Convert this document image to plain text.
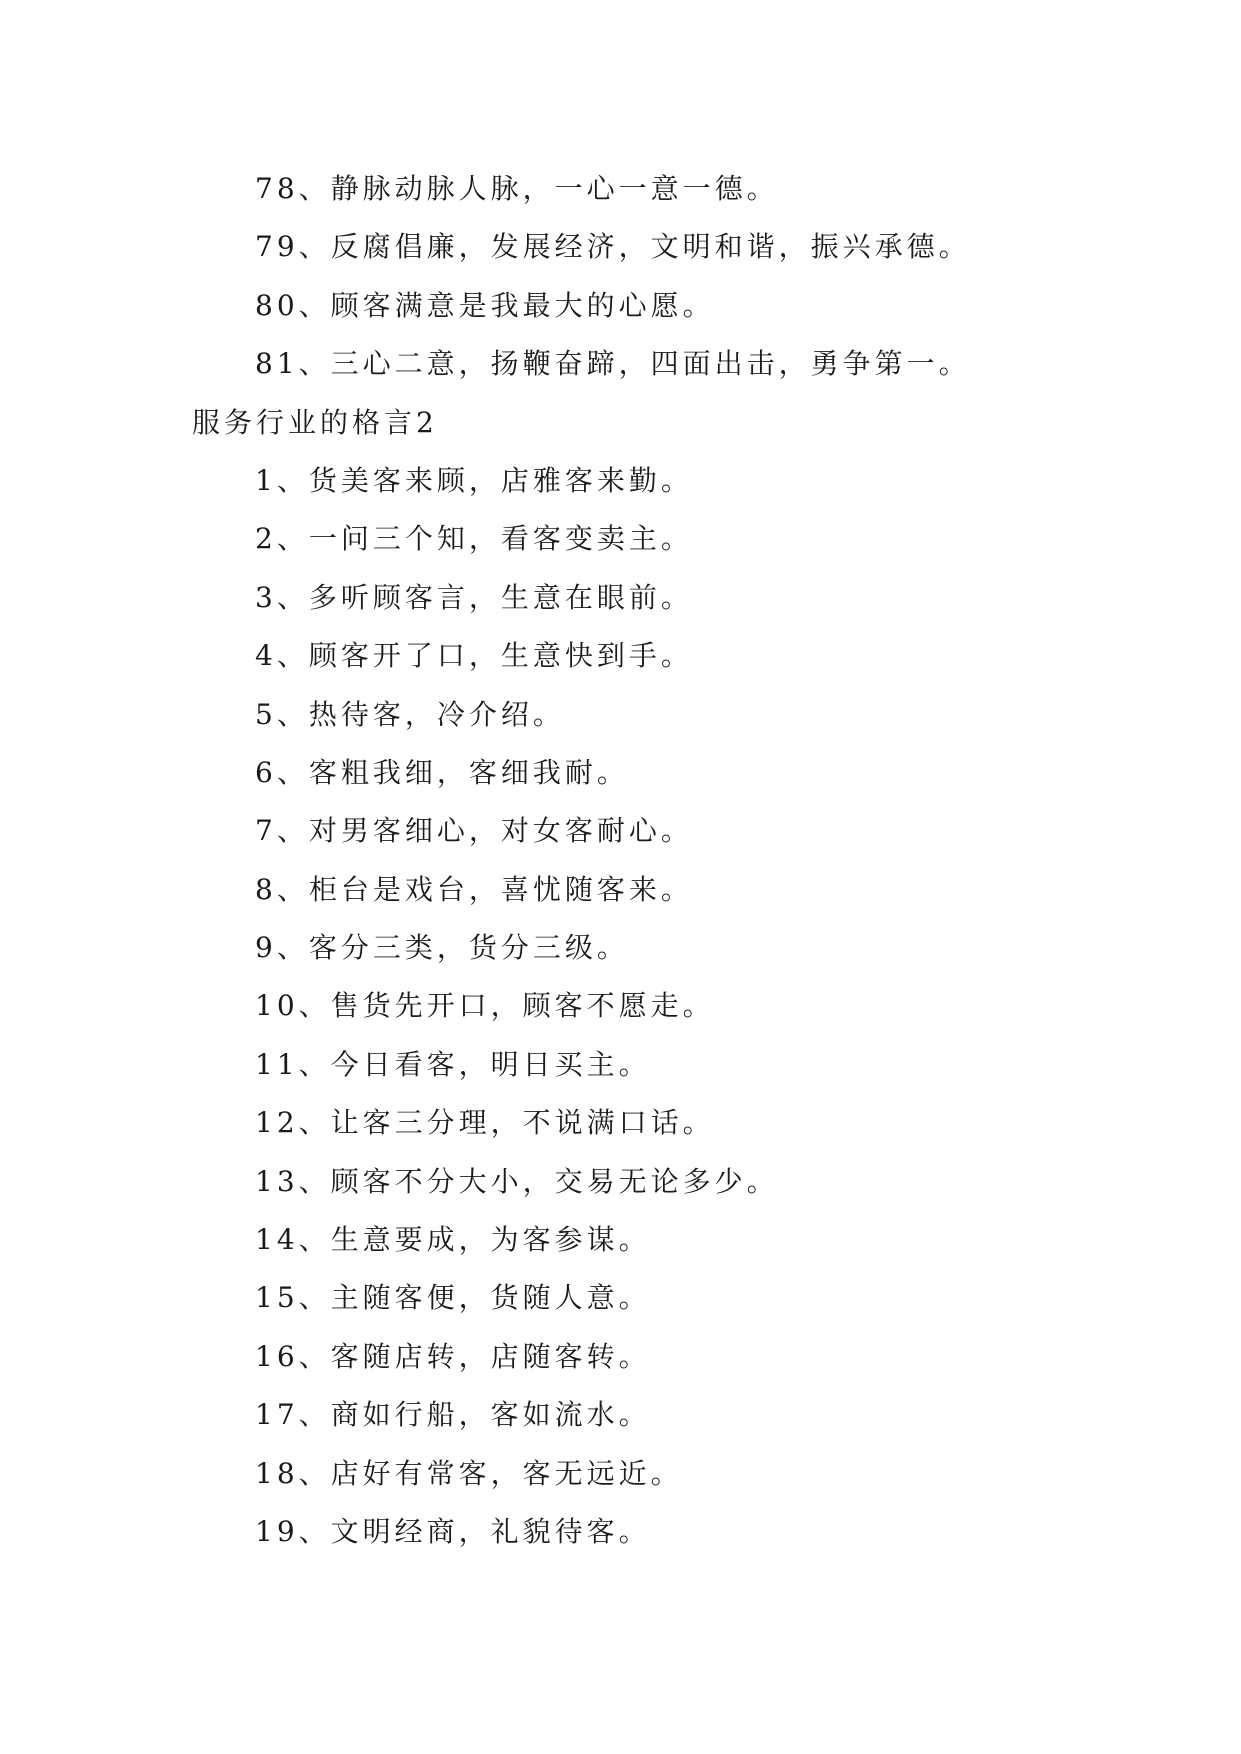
78、静脉动脉人脉，一心一意一德。
79、反腐倡廉，发展经济，文明和谐，振兴承德。
80、顾客满意是我最大的心愿。
81、三心二意，扬鞭奋蹄，四面出击，勇争第一。
服务行业的格言2
1、货美客来顾，店雅客来勤。
2、一问三个知，看客变卖主。
3、多听顾客言，生意在眼前。
4、顾客开了口，生意快到手。
5、热待客，冷介绍。
6、客粗我细，客细我耐。
7、对男客细心，对女客耐心。
8、柜台是戏台，喜忧随客来。
9、客分三类，货分三级。
10、售货先开口，顾客不愿走。
11、今日看客，明日买主。
12、让客三分理，不说满口话。
13、顾客不分大小，交易无论多少。
14、生意要成，为客参谋。
15、主随客便，货随人意。
16、客随店转，店随客转。
17、商如行船，客如流水。
18、店好有常客，客无远近。
19、文明经商，礼貌待客。
